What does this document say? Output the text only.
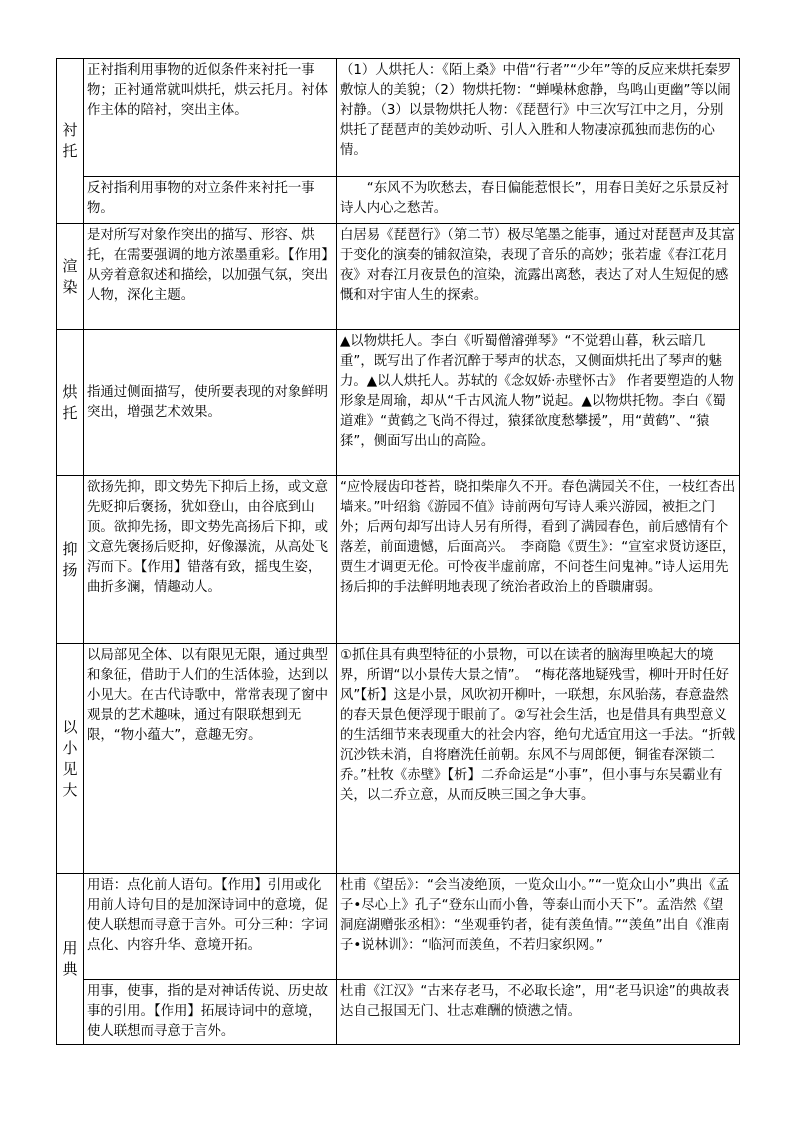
衬托	正衬指利用事物的近似条件来衬托一事物；正衬通常就叫烘托，烘云托月。衬体作主体的陪衬，突出主体。	（1）人烘托人：《陌上桑》中借“行者”“少年”等的反应来烘托秦罗敷惊人的美貌；（2）物烘托物：“蝉噪林愈静，鸟鸣山更幽”等以闹衬静。（3）以景物烘托人物：《琵琶行》中三次写江中之月，分别烘托了琵琶声的美妙动听、引人入胜和人物凄凉孤独而悲伤的心情。
	反衬指利用事物的对立条件来衬托一事物。	“东风不为吹愁去，春日偏能惹恨长”，用春日美好之乐景反衬诗人内心之愁苦。
渲染	是对所写对象作突出的描写、形容、烘托，在需要强调的地方浓墨重彩。【作用】从旁着意叙述和描绘，以加强气氛，突出人物，深化主题。	白居易《琵琶行》（第二节）极尽笔墨之能事，通过对琵琶声及其富于变化的演奏的铺叙渲染，表现了音乐的高妙；张若虚《春江花月夜》对春江月夜景色的渲染，流露出离愁，表达了对人生短促的感慨和对宇宙人生的探索。
烘托	指通过侧面描写，使所要表现的对象鲜明突出，增强艺术效果。	▲以物烘托人。李白《听蜀僧濬弹琴》“不觉碧山暮，秋云暗几重”，既写出了作者沉醉于琴声的状态，又侧面烘托出了琴声的魅力。▲以人烘托人。苏轼的《念奴娇·赤壁怀古》 作者要塑造的人物形象是周瑜，却从“千古风流人物”说起。▲以物烘托物。李白《蜀道难》“黄鹤之飞尚不得过，猿猱欲度愁攀援”，用“黄鹤”、“猿猱”，侧面写出山的高险。
抑扬	欲扬先抑，即文势先下抑后上扬，或文意先贬抑后褒扬，犹如登山，由谷底到山顶。欲抑先扬，即文势先高扬后下抑，或文意先褒扬后贬抑，好像瀑流，从高处飞泻而下。【作用】错落有致，摇曳生姿，曲折多澜，情趣动人。	“应怜屐齿印苍苔，晓扣柴扉久不开。春色满园关不住，一枝红杏出墙来。”叶绍翁《游园不值》诗前两句写诗人乘兴游园，被拒之门外；后两句却写出诗人另有所得，看到了满园春色，前后感情有个落差，前面遗憾，后面高兴。　李商隐《贾生》：“宣室求贤访逐臣，贾生才调更无伦。可怜夜半虚前席，不问苍生问鬼神。”诗人运用先扬后抑的手法鲜明地表现了统治者政治上的昏聩庸弱。
以小见大	以局部见全体、以有限见无限，通过典型和象征，借助于人们的生活体验，达到以小见大。在古代诗歌中，常常表现了窗中观景的艺术趣味，通过有限联想到无限，“物小蕴大”，意趣无穷。	①抓住具有典型特征的小景物，可以在读者的脑海里唤起大的境界，所谓“以小景传大景之情”。　“梅花落地疑残雪，柳叶开时任好风”【析】这是小景，风吹初开柳叶，一联想，东风骀荡，春意盎然的春天景色便浮现于眼前了。②写社会生活，也是借具有典型意义的生活细节来表现重大的社会内容，绝句尤适宜用这一手法。“折戟沉沙铁未消，自将磨洗任前朝。东风不与周郎便，铜雀春深锁二乔。”杜牧《赤壁》【析】二乔命运是“小事”，但小事与东吴霸业有关，以二乔立意，从而反映三国之争大事。
用典	用语：点化前人语句。【作用】引用或化用前人诗句目的是加深诗词中的意境，促使人联想而寻意于言外。可分三种：字词点化、内容升华、意境开拓。	杜甫《望岳》：“会当凌绝顶，一览众山小。”“一览众山小”典出《孟子•尽心上》孔子“登东山而小鲁，等泰山而小天下”。孟浩然《望洞庭湖赠张丞相》：“坐观垂钓者，徒有羡鱼情。”“羡鱼”出自《淮南子•说林训》：“临河而羡鱼，不若归家织网。”
	用事，使事，指的是对神话传说、历史故事的引用。【作用】拓展诗词中的意境，使人联想而寻意于言外。	杜甫《江汉》“古来存老马，不必取长途”，用“老马识途”的典故表达自己报国无门、壮志难酬的愤懑之情。
